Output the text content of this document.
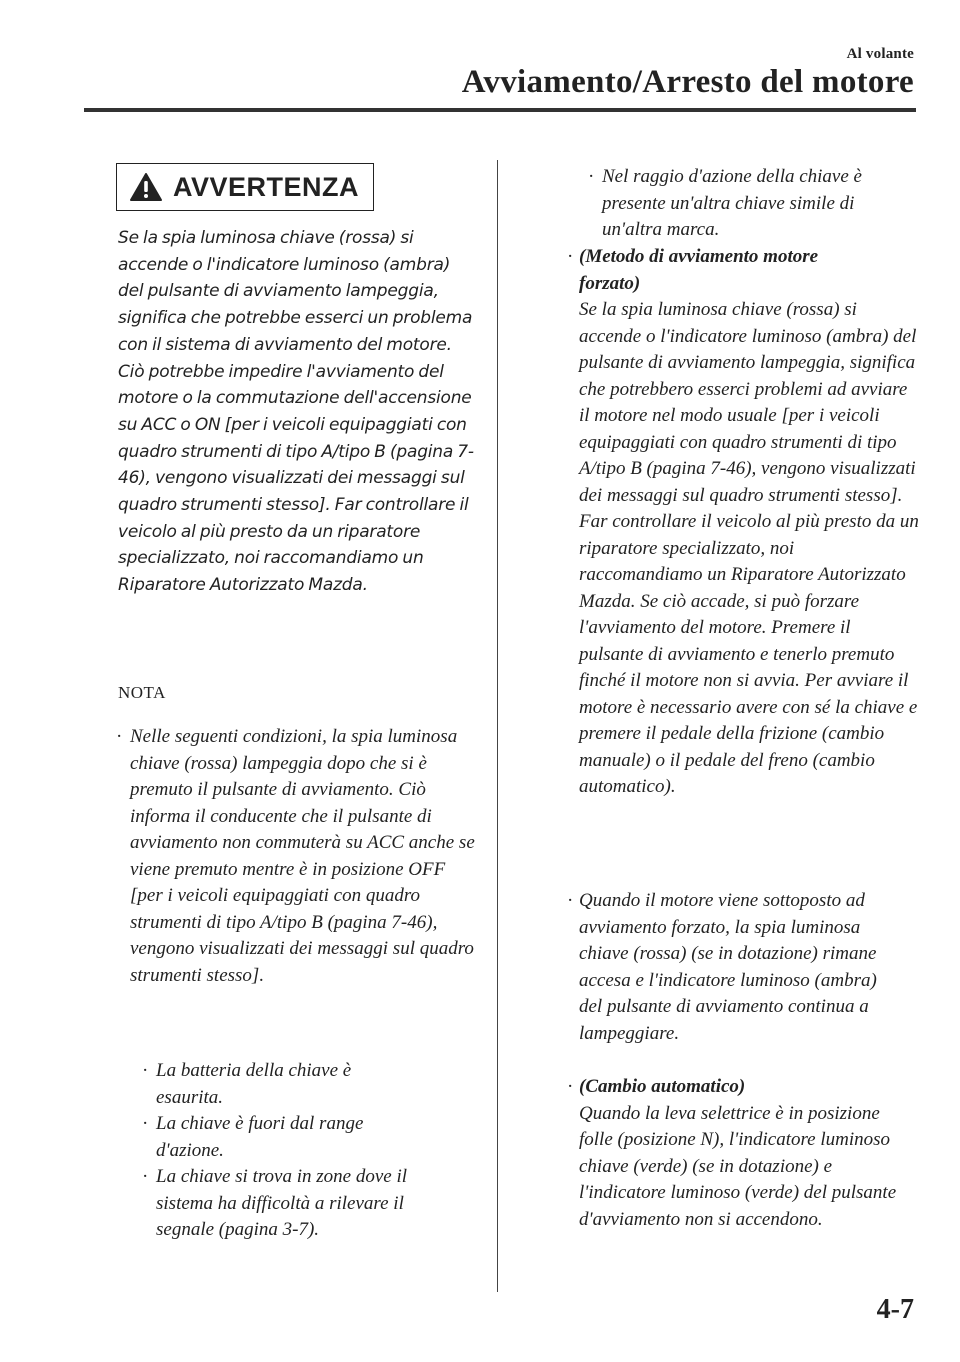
Al volante
Avviamento/Arresto del motore
AVVERTENZA
Se la spia luminosa chiave (rossa) si accende o l'indicatore luminoso (ambra) del pulsante di avviamento lampeggia, significa che potrebbe esserci un problema con il sistema di avviamento del motore. Ciò potrebbe impedire l'avviamento del motore o la commutazione dell'accensione su ACC o ON [per i veicoli equipaggiati con quadro strumenti di tipo A/tipo B (pagina 7-46), vengono visualizzati dei messaggi sul quadro strumenti stesso]. Far controllare il veicolo al più presto da un riparatore specializzato, noi raccomandiamo un Riparatore Autorizzato Mazda.
NOTA
· Nelle seguenti condizioni, la spia luminosa chiave (rossa) lampeggia dopo che si è premuto il pulsante di avviamento. Ciò informa il conducente che il pulsante di avviamento non commuterà su ACC anche se viene premuto mentre è in posizione OFF [per i veicoli equipaggiati con quadro strumenti di tipo A/tipo B (pagina 7-46), vengono visualizzati dei messaggi sul quadro strumenti stesso].
· La batteria della chiave è esaurita.
· La chiave è fuori dal range d'azione.
· La chiave si trova in zone dove il sistema ha difficoltà a rilevare il segnale (pagina 3-7).
· Nel raggio d'azione della chiave è presente un'altra chiave simile di un'altra marca.
· (Metodo di avviamento motore forzato)
Se la spia luminosa chiave (rossa) si accende o l'indicatore luminoso (ambra) del pulsante di avviamento lampeggia, significa che potrebbero esserci problemi ad avviare il motore nel modo usuale [per i veicoli equipaggiati con quadro strumenti di tipo A/tipo B (pagina 7-46), vengono visualizzati dei messaggi sul quadro strumenti stesso]. Far controllare il veicolo al più presto da un riparatore specializzato, noi raccomandiamo un Riparatore Autorizzato Mazda. Se ciò accade, si può forzare l'avviamento del motore. Premere il pulsante di avviamento e tenerlo premuto finché il motore non si avvia. Per avviare il motore è necessario avere con sé la chiave e premere il pedale della frizione (cambio manuale) o il pedale del freno (cambio automatico).
· Quando il motore viene sottoposto ad avviamento forzato, la spia luminosa chiave (rossa) (se in dotazione) rimane accesa e l'indicatore luminoso (ambra) del pulsante di avviamento continua a lampeggiare.
· (Cambio automatico)
Quando la leva selettrice è in posizione folle (posizione N), l'indicatore luminoso chiave (verde) (se in dotazione) e l'indicatore luminoso (verde) del pulsante d'avviamento non si accendono.
4-7
